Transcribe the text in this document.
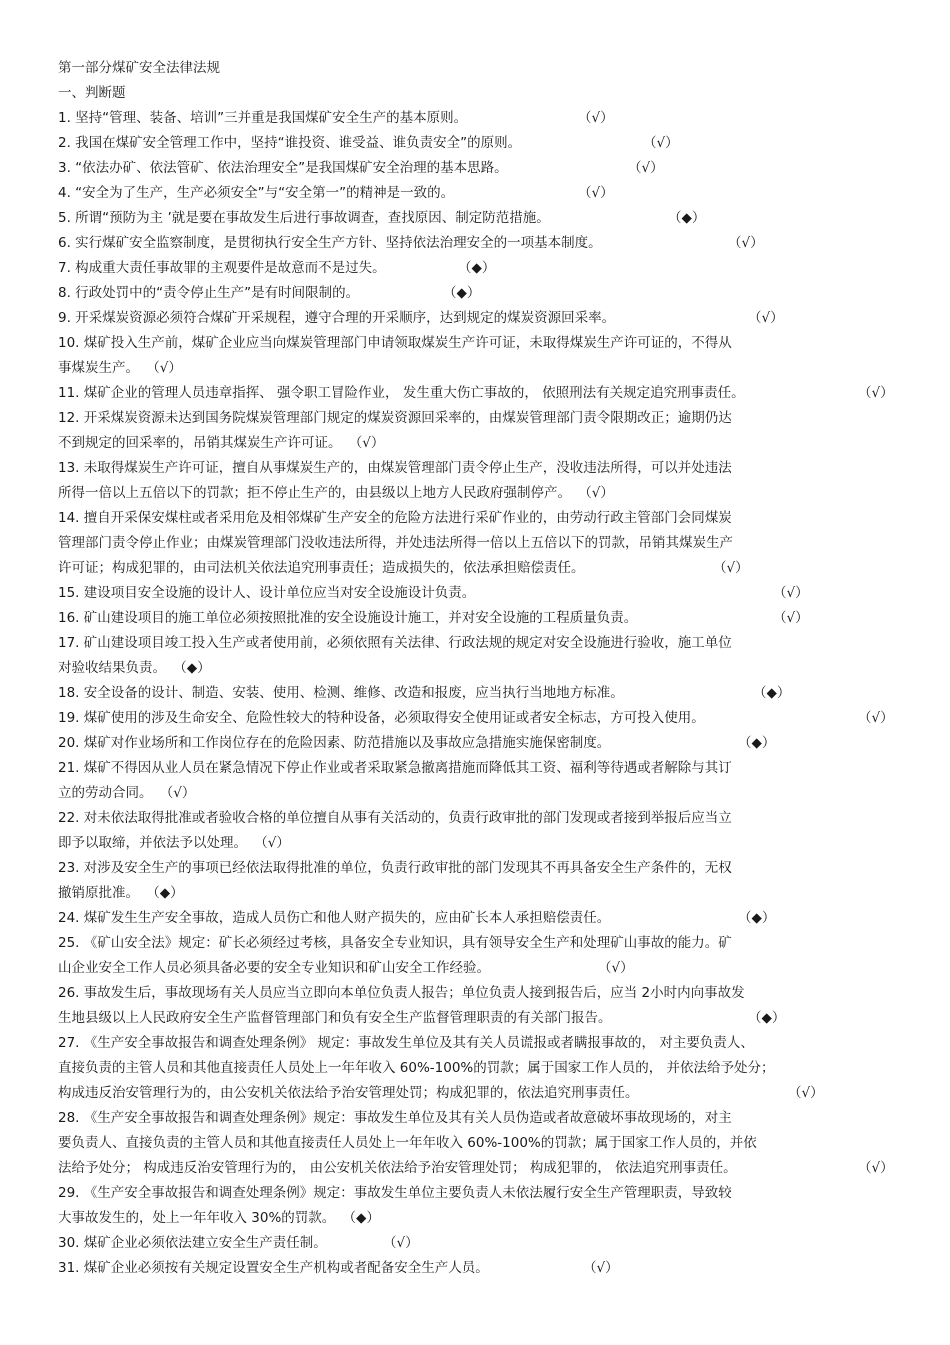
第一部分煤矿安全法律法规
一、判断题
1. 坚持“管理、装备、培训”三并重是我国煤矿安全生产的基本原则。	（√）
2. 我国在煤矿安全管理工作中，坚持“谁投资、谁受益、谁负责安全”的原则。	（√）
3. “依法办矿、依法管矿、依法治理安全”是我国煤矿安全治理的基本思路。	（√）
4. “安全为了生产，生产必须安全”与“安全第一”的精神是一致的。	（√）
5. 所谓“预防为主 ’就是要在事故发生后进行事故调查，查找原因、制定防范措施。	（◆）
6. 实行煤矿安全监察制度，是贯彻执行安全生产方针、坚持依法治理安全的一项基本制度。	（√）
7. 构成重大责任事故罪的主观要件是故意而不是过失。	（◆）
8. 行政处罚中的“责令停止生产”是有时间限制的。	（◆）
9. 开采煤炭资源必须符合煤矿开采规程，遵守合理的开采顺序，达到规定的煤炭资源回采率。	（√）
10. 煤矿投入生产前，煤矿企业应当向煤炭管理部门申请领取煤炭生产许可证，未取得煤炭生产许可证的，不得从
事煤炭生产。 （√）
11. 煤矿企业的管理人员违章指挥、 强令职工冒险作业， 发生重大伤亡事故的， 依照刑法有关规定追究刑事责任。	（√）
12. 开采煤炭资源未达到国务院煤炭管理部门规定的煤炭资源回采率的，由煤炭管理部门责令限期改正；逾期仍达
不到规定的回采率的，吊销其煤炭生产许可证。 （√）
13. 未取得煤炭生产许可证，擅自从事煤炭生产的，由煤炭管理部门责令停止生产，没收违法所得，可以并处违法
所得一倍以上五倍以下的罚款；拒不停止生产的，由县级以上地方人民政府强制停产。 （√）
14. 擅自开采保安煤柱或者采用危及相邻煤矿生产安全的危险方法进行采矿作业的，由劳动行政主管部门会同煤炭
管理部门责令停止作业；由煤炭管理部门没收违法所得，并处违法所得一倍以上五倍以下的罚款，吊销其煤炭生产
许可证；构成犯罪的，由司法机关依法追究刑事责任；造成损失的，依法承担赔偿责任。	（√）
15. 建设项目安全设施的设计人、设计单位应当对安全设施设计负责。	（√）
16. 矿山建设项目的施工单位必须按照批准的安全设施设计施工，并对安全设施的工程质量负责。	（√）
17. 矿山建设项目竣工投入生产或者使用前，必须依照有关法律、行政法规的规定对安全设施进行验收，施工单位
对验收结果负责。 （◆）
18. 安全设备的设计、制造、安装、使用、检测、维修、改造和报废，应当执行当地地方标准。	（◆）
19. 煤矿使用的涉及生命安全、危险性较大的特种设备，必须取得安全使用证或者安全标志，方可投入使用。	（√）
20. 煤矿对作业场所和工作岗位存在的危险因素、防范措施以及事故应急措施实施保密制度。	（◆）
21. 煤矿不得因从业人员在紧急情况下停止作业或者采取紧急撤离措施而降低其工资、福利等待遇或者解除与其订
立的劳动合同。 （√）
22. 对未依法取得批准或者验收合格的单位擅自从事有关活动的，负责行政审批的部门发现或者接到举报后应当立
即予以取缔，并依法予以处理。 （√）
23. 对涉及安全生产的事项已经依法取得批准的单位，负责行政审批的部门发现其不再具备安全生产条件的，无权
撤销原批准。 （◆）
24. 煤矿发生生产安全事故，造成人员伤亡和他人财产损失的，应由矿长本人承担赔偿责任。	（◆）
25. 《矿山安全法》规定：矿长必须经过考核，具备安全专业知识，具有领导安全生产和处理矿山事故的能力。矿
山企业安全工作人员必须具备必要的安全专业知识和矿山安全工作经验。	（√）
26. 事故发生后，事故现场有关人员应当立即向本单位负责人报告；单位负责人接到报告后，应当 2小时内向事故发
生地县级以上人民政府安全生产监督管理部门和负有安全生产监督管理职责的有关部门报告。	（◆）
27. 《生产安全事故报告和调查处理条例》 规定：事故发生单位及其有关人员谎报或者瞒报事故的， 对主要负责人、
直接负责的主管人员和其他直接责任人员处上一年年收入 60%-100%的罚款；属于国家工作人员的， 并依法给予处分；
构成违反治安管理行为的，由公安机关依法给予治安管理处罚；构成犯罪的，依法追究刑事责任。	（√）
28. 《生产安全事故报告和调查处理条例》规定：事故发生单位及其有关人员伪造或者故意破坏事故现场的，对主
要负责人、直接负责的主管人员和其他直接责任人员处上一年年收入 60%-100%的罚款；属于国家工作人员的，并依
法给予处分； 构成违反治安管理行为的， 由公安机关依法给予治安管理处罚； 构成犯罪的， 依法追究刑事责任。	（√）
29. 《生产安全事故报告和调查处理条例》规定：事故发生单位主要负责人未依法履行安全生产管理职责，导致较
大事故发生的，处上一年年收入 30%的罚款。 （◆）
30. 煤矿企业必须依法建立安全生产责任制。	（√）
31. 煤矿企业必须按有关规定设置安全生产机构或者配备安全生产人员。	（√）
